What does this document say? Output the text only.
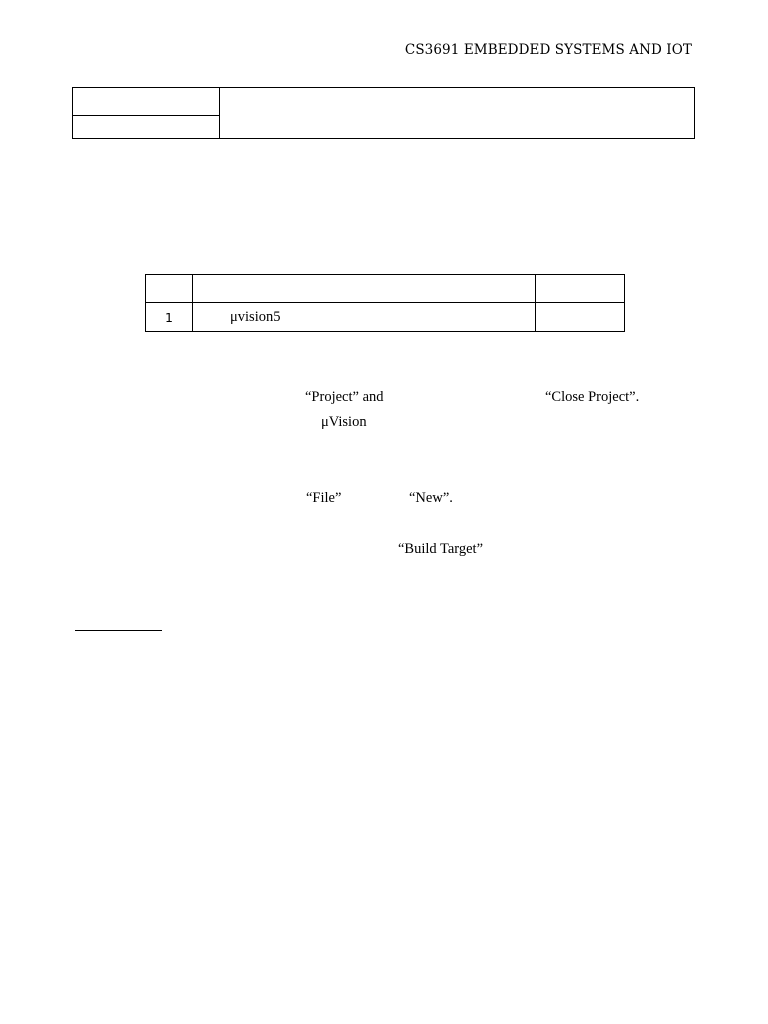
CS3691 EMBEDDED SYSTEMS AND IOT

1	μvision5	
“Project” and	“Close Project”.
μVision
“File”	“New”.
“Build Target”
